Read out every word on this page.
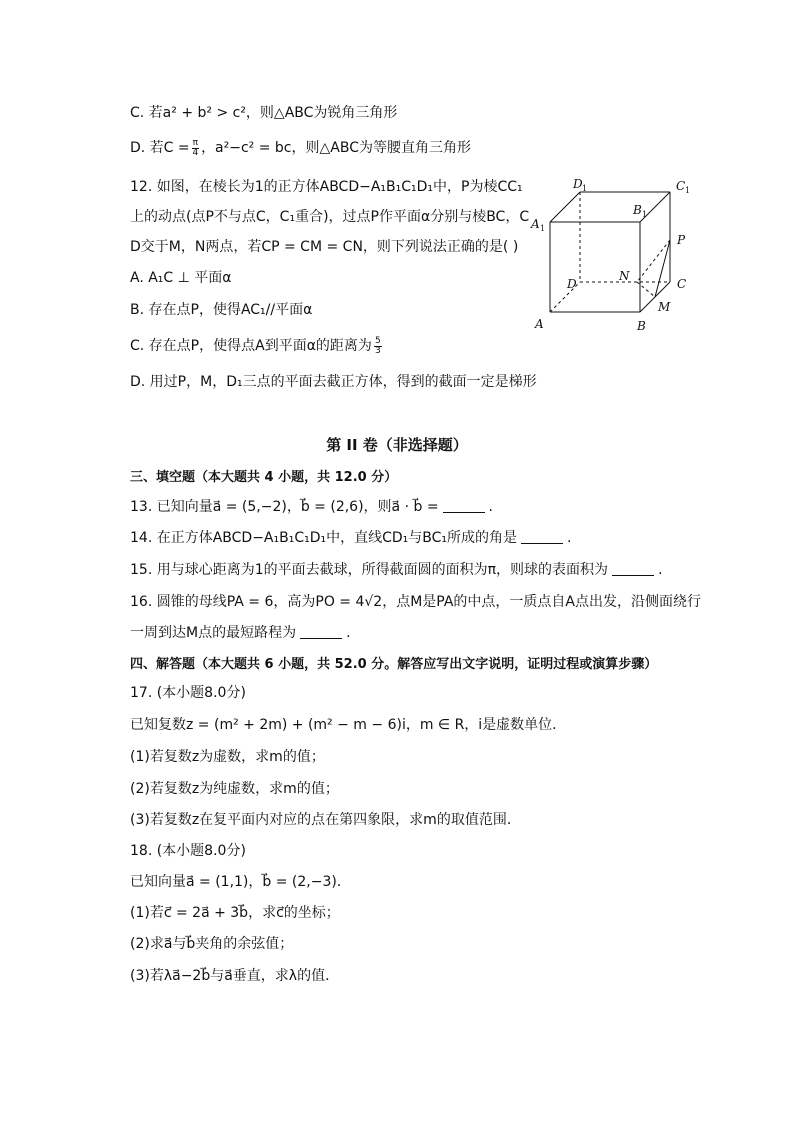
C. 若a² + b² > c²，则△ABC为锐角三角形
D. 若$C = \frac{\pi}{4}$ ，a²−c² = bc，则△ABC为等腰直角三角形
12. 如图，在棱长为1的正方体ABCD−A₁B₁C₁D₁中，P为棱CC₁
上的动点(点P不与点C，C₁重合)，过点P作平面α分别与棱BC，C
D交于M，N两点，若CP = CM = CN，则下列说法正确的是( )
A. A₁C ⊥ 平面α
B. 存在点P，使得AC₁//平面α
C. 存在点P，使得点A到平面α的距离为 $\frac{5}{3}$
D. 用过P，M，D₁三点的平面去截正方体，得到的截面一定是梯形
A	B
C
D
A 1
B 1
C 1
D 1
P
M
N
第 II 卷（非选择题）
三、填空题（本大题共 4 小题，共 12.0 分）
13. 已知向量a⃗ = (5,−2)，b⃗ = (2,6)，则a⃗ · b⃗ =	.
14. 在正方体ABCD−A₁B₁C₁D₁中，直线CD₁与BC₁所成的角是	.
15. 用与球心距离为1的平面去截球，所得截面圆的面积为π，则球的表面积为	.
16. 圆锥的母线PA = 6，高为PO = 4√2，点M是PA的中点，一质点自A点出发，沿侧面绕行
一周到达M点的最短路程为	.
四、解答题（本大题共 6 小题，共 52.0 分。解答应写出文字说明，证明过程或演算步骤）
17. (本小题8.0分)
已知复数z = (m² + 2m) + (m² − m − 6)i，m ∈ R，i是虚数单位．
(1)若复数z为虚数，求m的值；
(2)若复数z为纯虚数，求m的值；
(3)若复数z在复平面内对应的点在第四象限，求m的取值范围．
18. (本小题8.0分)
已知向量a⃗ = (1,1)，b⃗ = (2,−3)．
(1)若c⃗ = 2a⃗ + 3b⃗，求c⃗的坐标；
(2)求a⃗与b⃗夹角的余弦值；
(3)若λa⃗−2b⃗与a⃗垂直，求λ的值．
